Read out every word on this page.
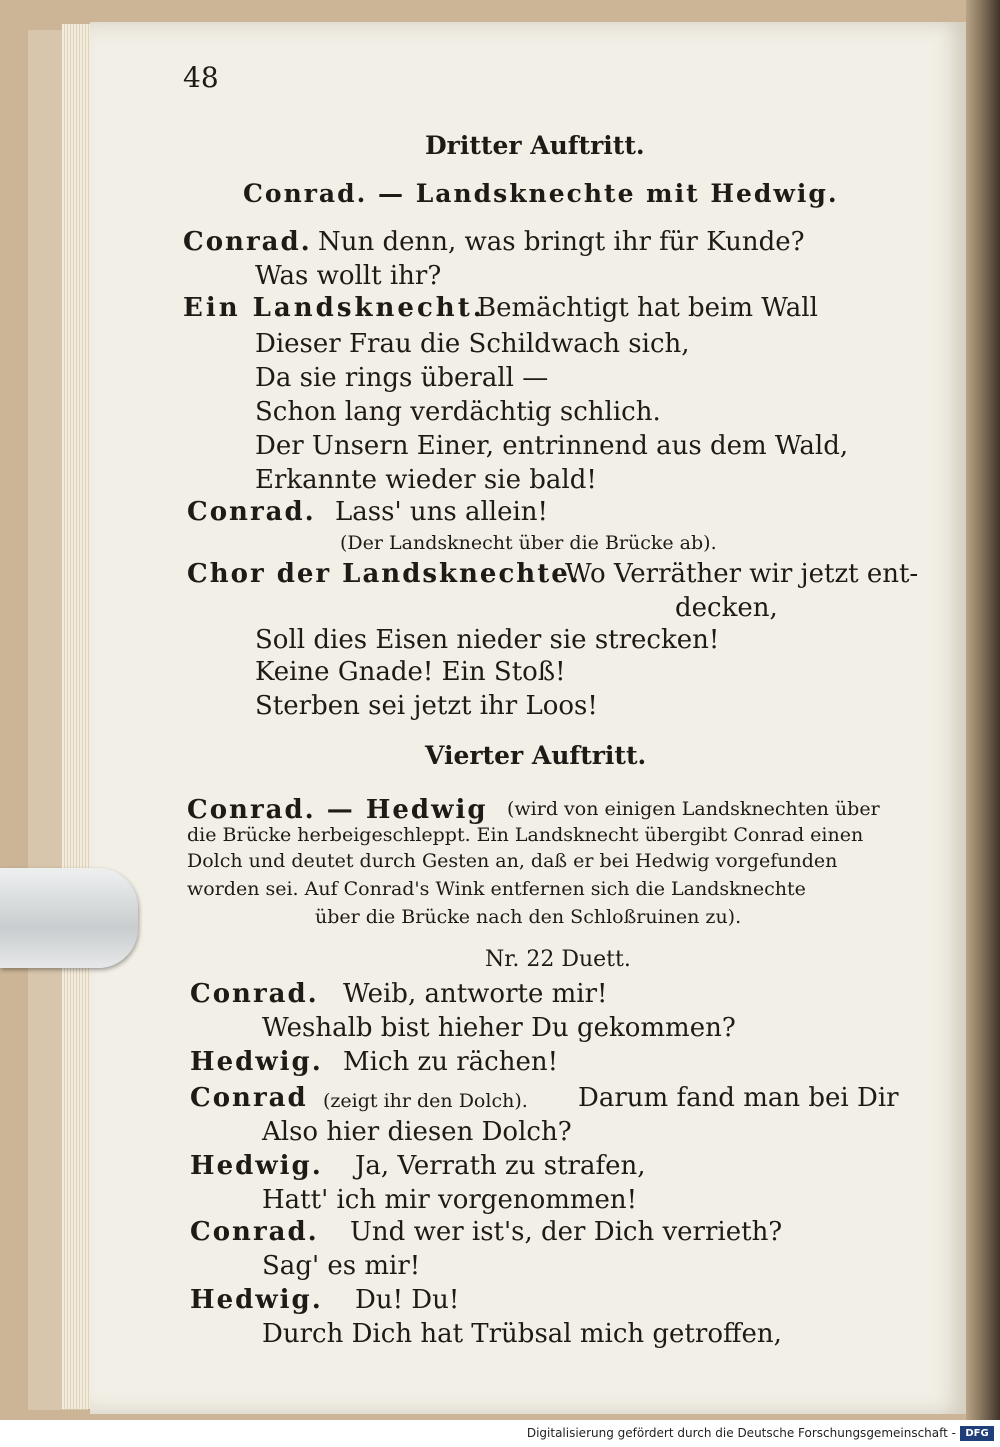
48
Dritter Auftritt.
Conrad. — Landsknechte mit Hedwig.
Conrad. Nun denn, was bringt ihr für Kunde?
Was wollt ihr?
Ein Landsknecht.
Bemächtigt hat beim Wall
Dieser Frau die Schildwach sich,
Da sie rings überall —
Schon lang verdächtig schlich.
Der Unsern Einer, entrinnend aus dem Wald,
Erkannte wieder sie bald!
Conrad. Lass' uns allein!
(Der Landsknecht über die Brücke ab).
Chor der Landsknechte.
Wo Verräther wir jetzt ent-
decken,
Soll dies Eisen nieder sie strecken!
Keine Gnade! Ein Stoß!
Sterben sei jetzt ihr Loos!
Vierter Auftritt.
Conrad. — Hedwig (wird von einigen Landsknechten über
die Brücke herbeigeschleppt. Ein Landsknecht übergibt Conrad einen
Dolch und deutet durch Gesten an, daß er bei Hedwig vorgefunden
worden sei. Auf Conrad's Wink entfernen sich die Landsknechte
über die Brücke nach den Schloßruinen zu).
Nr. 22 Duett.
Conrad. Weib, antworte mir!
Weshalb bist hieher Du gekommen?
Hedwig. Mich zu rächen!
Conrad (zeigt ihr den Dolch). Darum fand man bei Dir
Also hier diesen Dolch?
Hedwig. Ja, Verrath zu strafen,
Hatt' ich mir vorgenommen!
Conrad. Und wer ist's, der Dich verrieth?
Sag' es mir!
Hedwig. Du! Du!
Durch Dich hat Trübsal mich getroffen,
Digitalisierung gefördert durch die Deutsche Forschungsgemeinschaft - DFG
